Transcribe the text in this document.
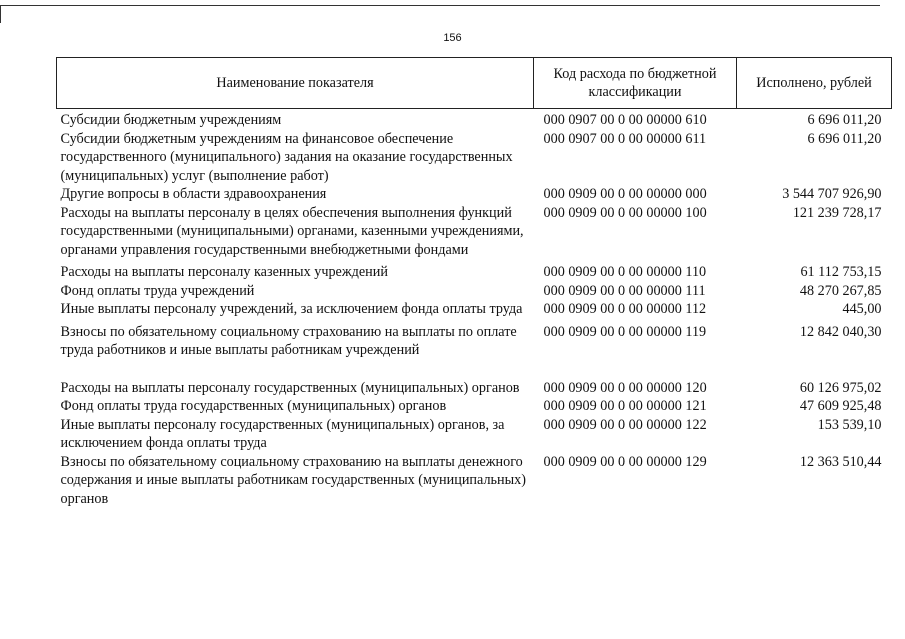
156
Наименование показателя	Код расхода по бюджетной классификации	Исполнено, рублей
Субсидии бюджетным учреждениям	000 0907 00 0 00 00000 610	6 696 011,20
Субсидии бюджетным учреждениям на финансовое обеспечение государственного (муниципального) задания на оказание государственных (муниципальных) услуг (выполнение работ)	000 0907 00 0 00 00000 611	6 696 011,20
Другие вопросы в области здравоохранения	000 0909 00 0 00 00000 000	3 544 707 926,90
Расходы на выплаты персоналу в целях обеспечения выполнения функций государственными (муниципальными) органами, казенными учреждениями, органами управления государственными внебюджетными фондами	000 0909 00 0 00 00000 100	121 239 728,17
Расходы на выплаты персоналу казенных учреждений	000 0909 00 0 00 00000 110	61 112 753,15
Фонд оплаты труда учреждений	000 0909 00 0 00 00000 111	48 270 267,85
Иные выплаты персоналу учреждений, за исключением фонда оплаты труда	000 0909 00 0 00 00000 112	445,00
Взносы по обязательному социальному страхованию на выплаты по оплате труда работников и иные выплаты работникам учреждений	000 0909 00 0 00 00000 119	12 842 040,30
Расходы на выплаты персоналу государственных (муниципальных) органов	000 0909 00 0 00 00000 120	60 126 975,02
Фонд оплаты труда государственных (муниципальных) органов	000 0909 00 0 00 00000 121	47 609 925,48
Иные выплаты персоналу государственных (муниципальных) органов, за исключением фонда оплаты труда	000 0909 00 0 00 00000 122	153 539,10
Взносы по обязательному социальному страхованию на выплаты денежного содержания и иные выплаты работникам государственных (муниципальных) органов	000 0909 00 0 00 00000 129	12 363 510,44
